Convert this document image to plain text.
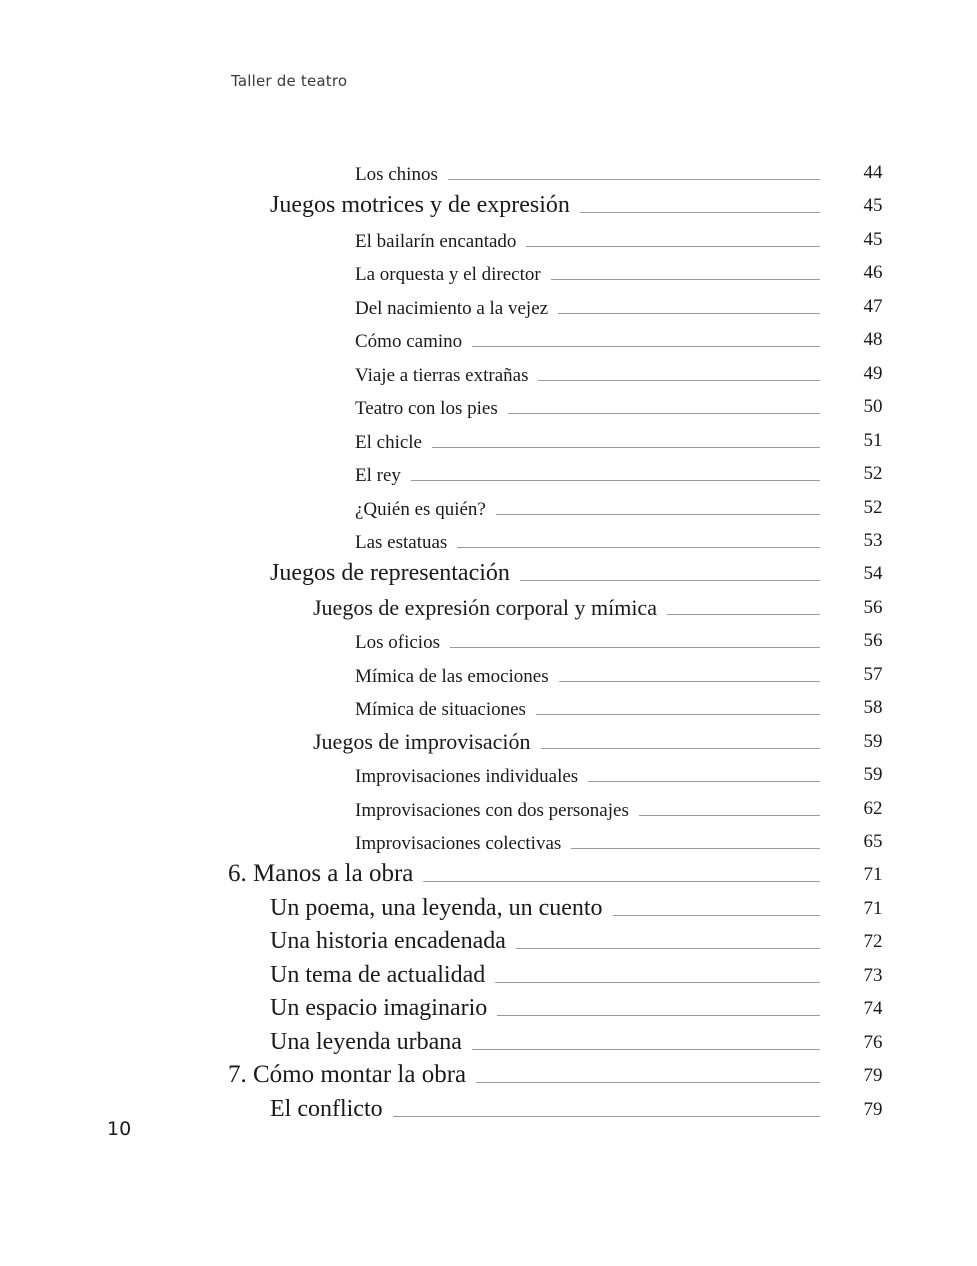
Taller de teatro
Los chinos	44
Juegos motrices y de expresión	45
El bailarín encantado	45
La orquesta y el director	46
Del nacimiento a la vejez	47
Cómo camino	48
Viaje a tierras extrañas	49
Teatro con los pies	50
El chicle	51
El rey	52
¿Quién es quién?	52
Las estatuas	53
Juegos de representación	54
Juegos de expresión corporal y mímica	56
Los oficios	56
Mímica de las emociones	57
Mímica de situaciones	58
Juegos de improvisación	59
Improvisaciones individuales	59
Improvisaciones con dos personajes	62
Improvisaciones colectivas	65
6. Manos a la obra	71
Un poema, una leyenda, un cuento	71
Una historia encadenada	72
Un tema de actualidad	73
Un espacio imaginario	74
Una leyenda urbana	76
7. Cómo montar la obra	79
El conflicto	79
10
